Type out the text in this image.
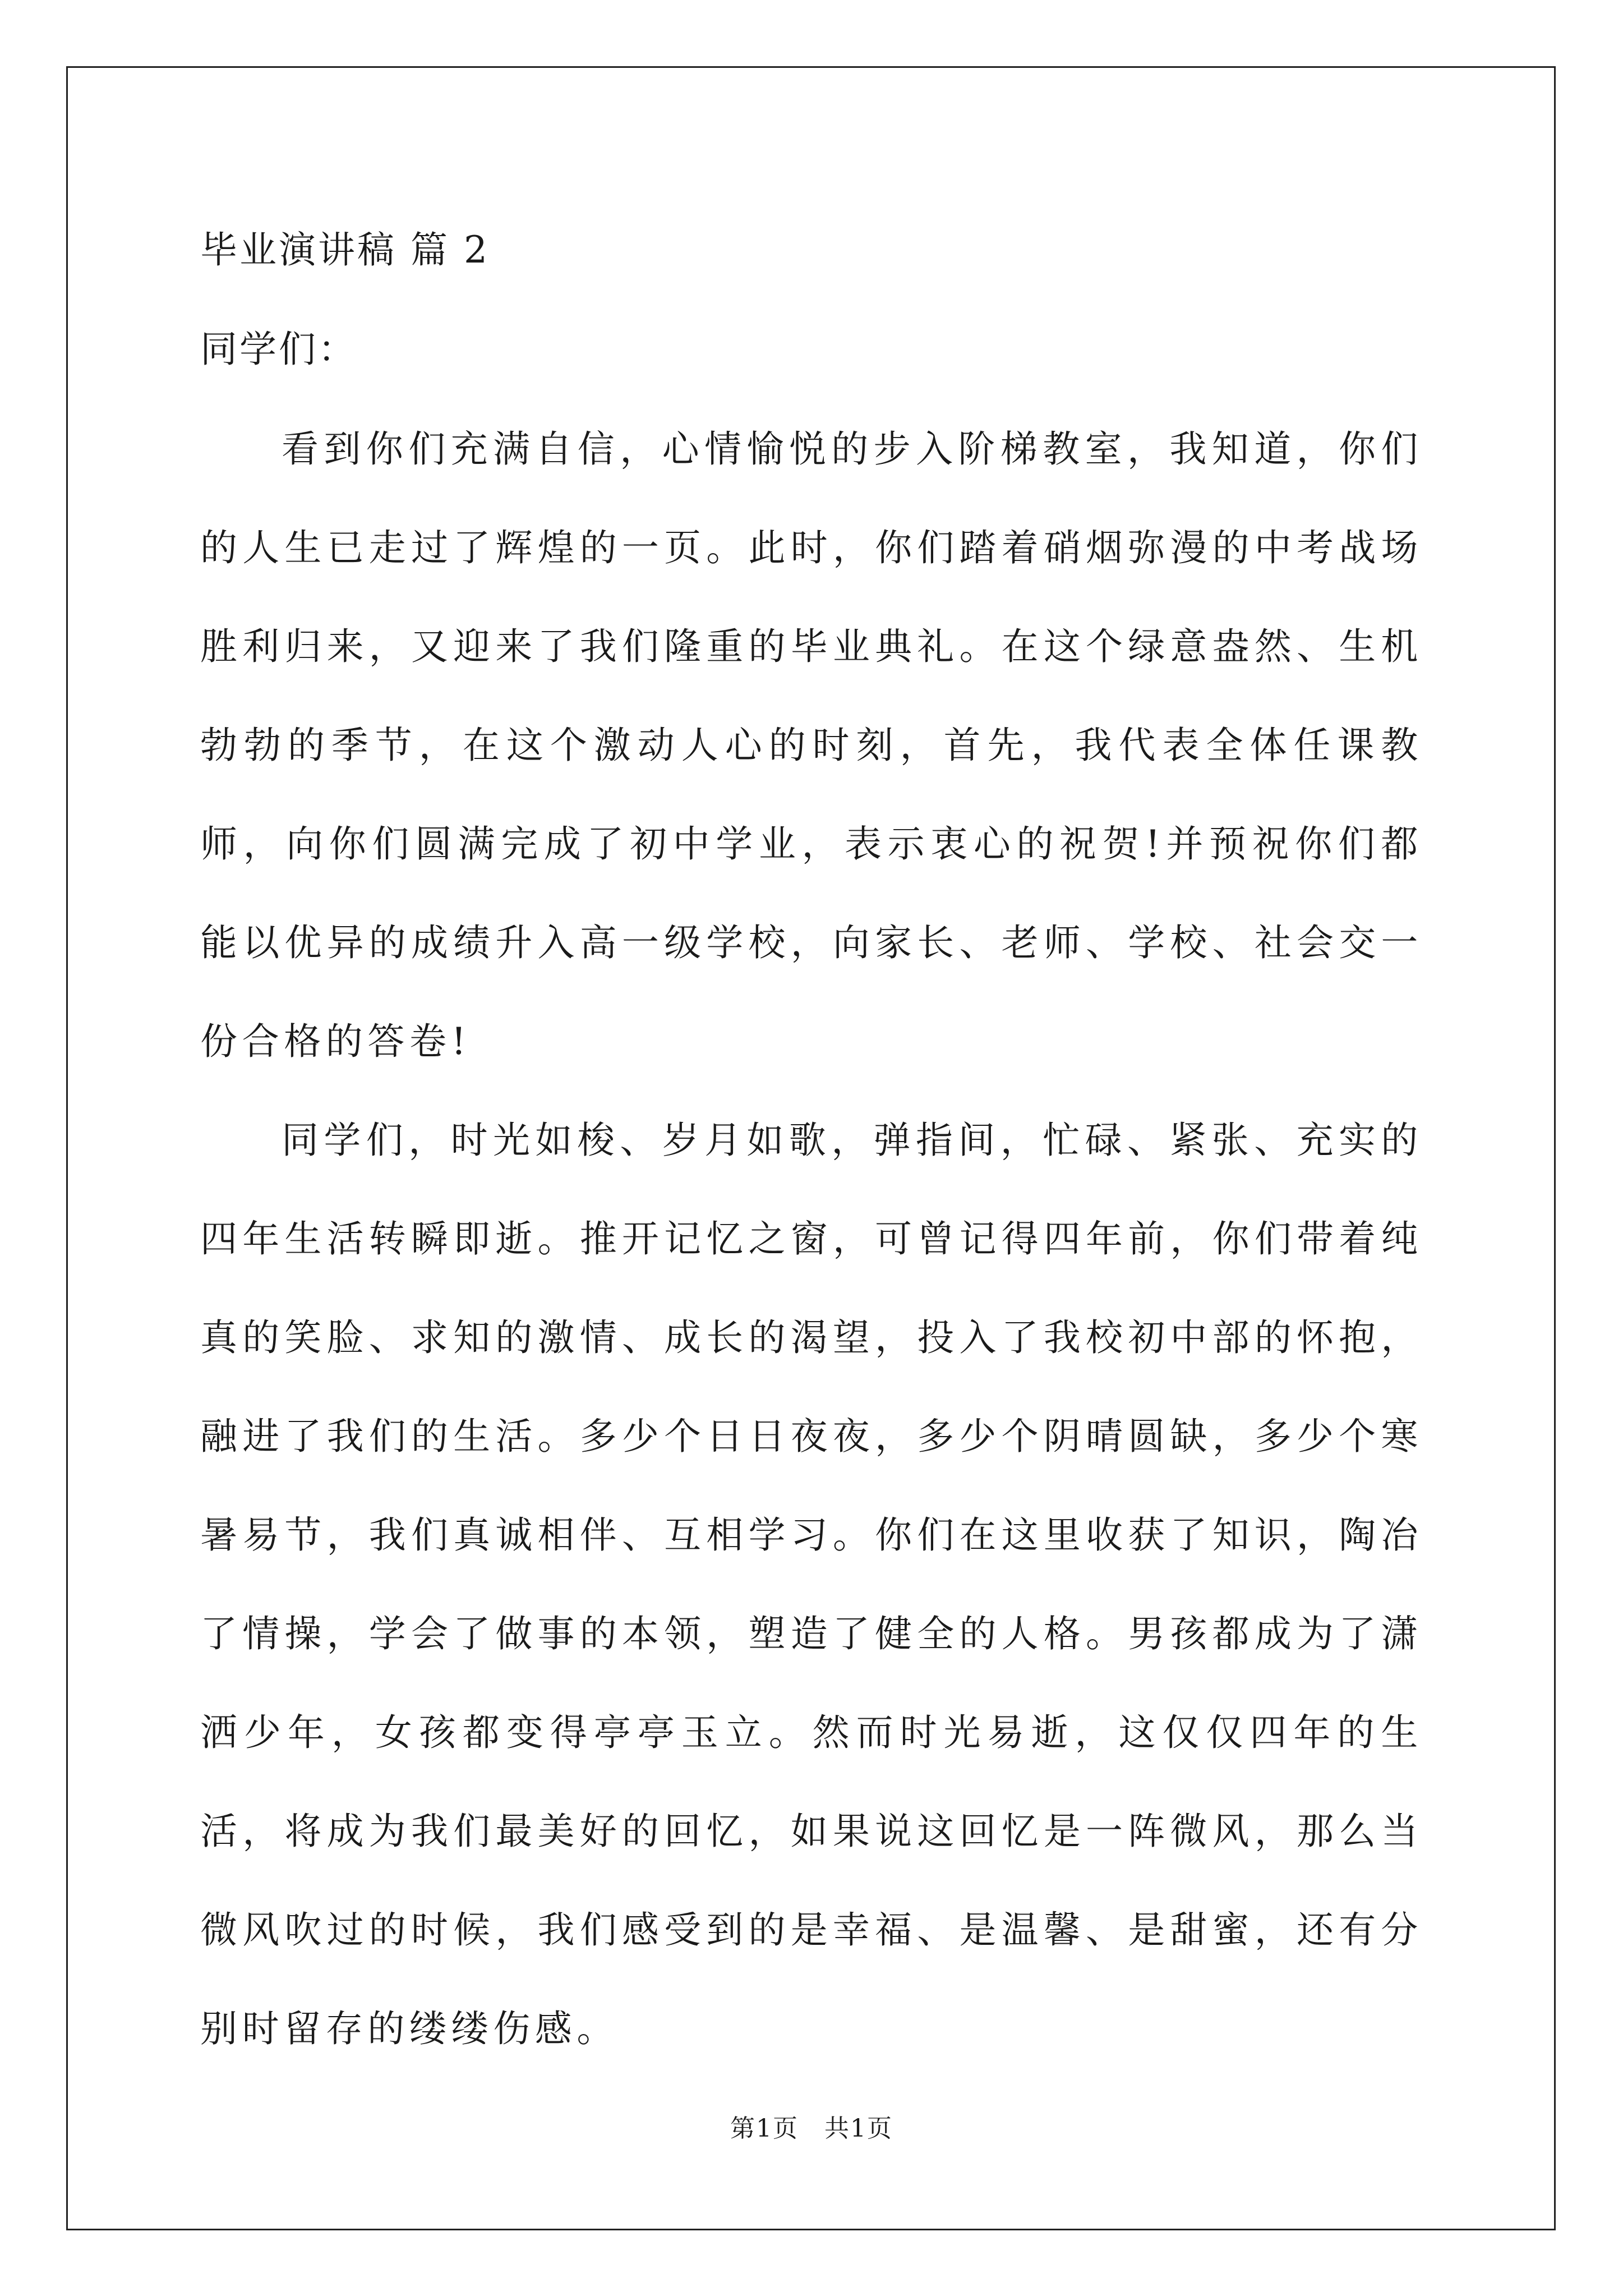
毕业演讲稿 篇 2

同学们：

看到你们充满自信，心情愉悦的步入阶梯教室，我知道，你们的人生已走过了辉煌的一页。此时，你们踏着硝烟弥漫的中考战场胜利归来，又迎来了我们隆重的毕业典礼。在这个绿意盎然、生机勃勃的季节，在这个激动人心的时刻，首先，我代表全体任课教师，向你们圆满完成了初中学业，表示衷心的祝贺!并预祝你们都能以优异的成绩升入高一级学校，向家长、老师、学校、社会交一份合格的答卷!

同学们，时光如梭、岁月如歌，弹指间，忙碌、紧张、充实的四年生活转瞬即逝。推开记忆之窗，可曾记得四年前，你们带着纯真的笑脸、求知的激情、成长的渴望，投入了我校初中部的怀抱，融进了我们的生活。多少个日日夜夜，多少个阴晴圆缺，多少个寒暑易节，我们真诚相伴、互相学习。你们在这里收获了知识，陶冶了情操，学会了做事的本领，塑造了健全的人格。男孩都成为了潇洒少年，女孩都变得亭亭玉立。然而时光易逝，这仅仅四年的生活，将成为我们最美好的回忆，如果说这回忆是一阵微风，那么当微风吹过的时候，我们感受到的是幸福、是温馨、是甜蜜，还有分别时留存的缕缕伤感。

第1页　共1页
